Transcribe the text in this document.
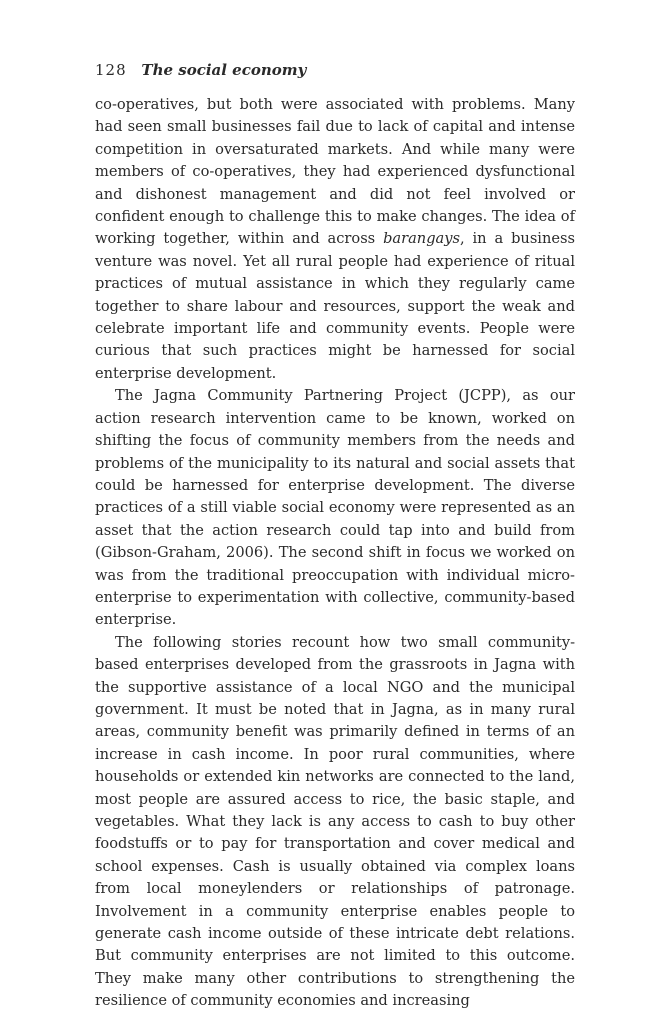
128 The social economy

co-operatives, but both were associated with problems. Many had seen small businesses fail due to lack of capital and intense competition in oversaturated markets. And while many were members of co-operatives, they had experienced dysfunctional and dishonest management and did not feel involved or confident enough to challenge this to make changes. The idea of working together, within and across barangays, in a business venture was novel. Yet all rural people had experience of ritual practices of mutual assistance in which they regularly came together to share labour and resources, support the weak and celebrate important life and community events. People were curious that such practices might be harnessed for social enterprise development.

The Jagna Community Partnering Project (JCPP), as our action research intervention came to be known, worked on shifting the focus of community members from the needs and problems of the municipality to its natural and social assets that could be harnessed for enterprise development. The diverse practices of a still viable social economy were represented as an asset that the action research could tap into and build from (Gibson-Graham, 2006). The second shift in focus we worked on was from the traditional preoccupation with individual micro-enterprise to experimentation with collective, community-based enterprise.

The following stories recount how two small community-based enterprises developed from the grassroots in Jagna with the supportive assistance of a local NGO and the municipal government. It must be noted that in Jagna, as in many rural areas, community benefit was primarily defined in terms of an increase in cash income. In poor rural communities, where households or extended kin networks are connected to the land, most people are assured access to rice, the basic staple, and vegetables. What they lack is any access to cash to buy other foodstuffs or to pay for transportation and cover medical and school expenses. Cash is usually obtained via complex loans from local moneylenders or relationships of patronage. Involvement in a community enterprise enables people to generate cash income outside of these intricate debt relations. But community enterprises are not limited to this outcome. They make many other contributions to strengthening the resilience of community economies and increasing
